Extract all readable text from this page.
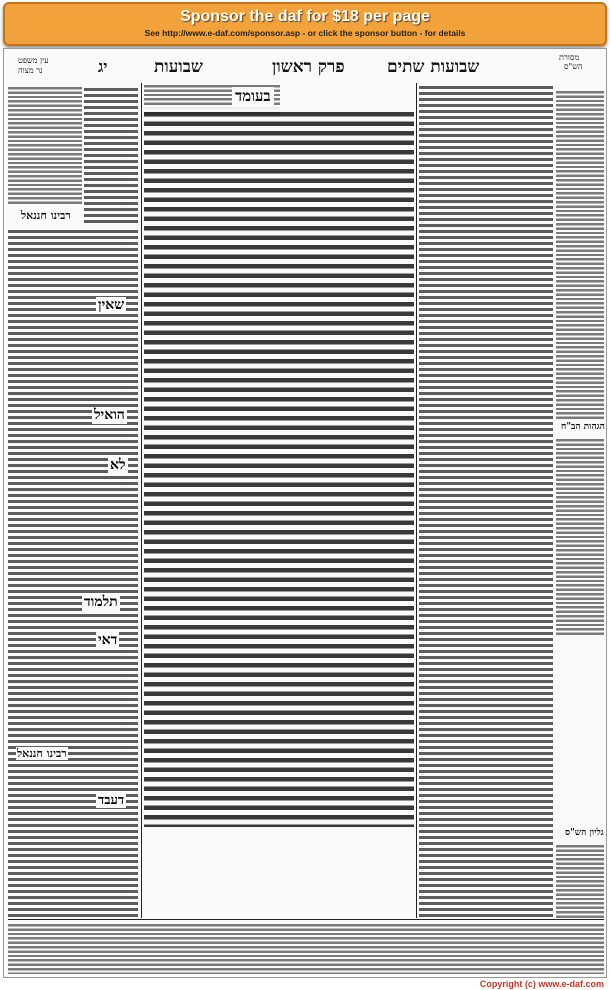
Sponsor the daf for $18 per page
See http://www.e-daf.com/sponsor.asp - or click the sponsor button - for details
עין משפט
נר מצוה	יג	שבועות	פרק ראשון שבועות שתים	מסורת
הש"ס
רבינו חננאל
שאין
הואיל
לא
תלמוד
דאי
רבינו חננאל
דעבד
בעומד
הגהות הב"ח
גליון הש"ס
Copyright (c) www.e-daf.com
